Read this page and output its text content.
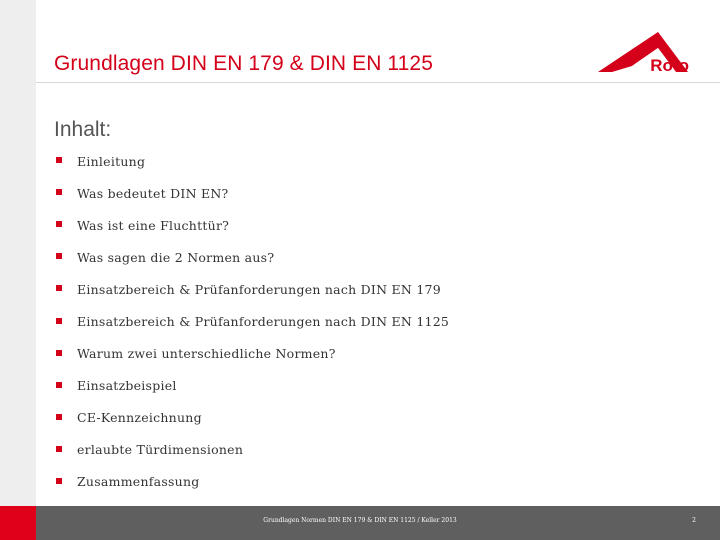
Grundlagen DIN EN 179 & DIN EN 1125	Roto
Inhalt:
Einleitung
Was bedeutet DIN EN?
Was ist eine Fluchttür?
Was sagen die 2 Normen aus?
Einsatzbereich & Prüfanforderungen nach DIN EN 179
Einsatzbereich & Prüfanforderungen nach DIN EN 1125
Warum zwei unterschiedliche Normen?
Einsatzbeispiel
CE-Kennzeichnung
erlaubte Türdimensionen
Zusammenfassung
Grundlagen Normen DIN EN 179 & DIN EN 1125 / Keller 2013	2
